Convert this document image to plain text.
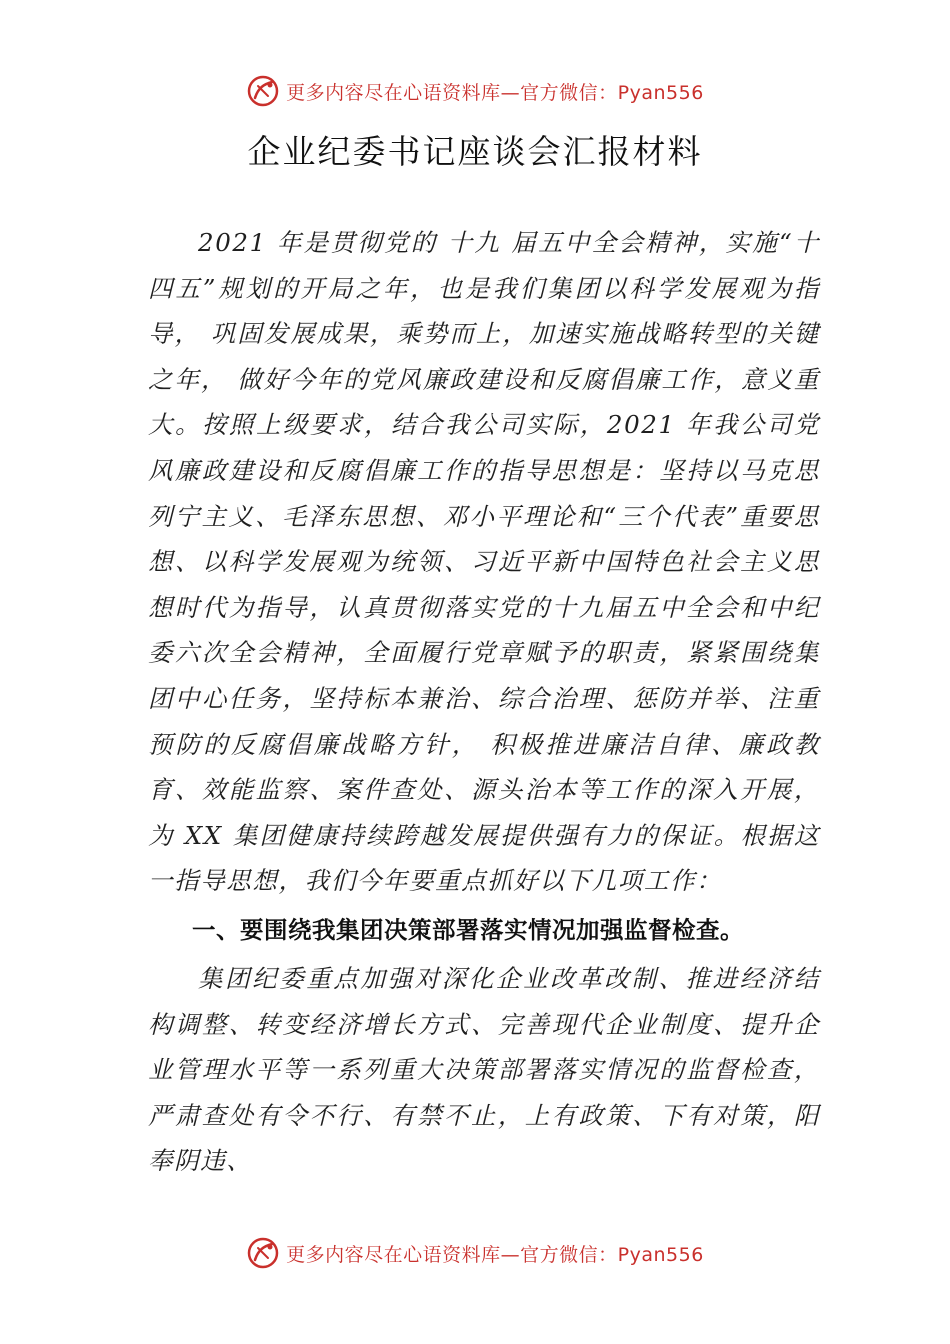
更多内容尽在心语资料库—官方微信：Pyan556
企业纪委书记座谈会汇报材料

2021 年是贯彻党的 十九 届五中全会精神，实施“十四五”规划的开局之年，也是我们集团以科学发展观为指导， 巩固发展成果，乘势而上，加速实施战略转型的关键之年， 做好今年的党风廉政建设和反腐倡廉工作，意义重大。按照上级要求，结合我公司实际，2021 年我公司党风廉政建设和反腐倡廉工作的指导思想是：坚持以马克思列宁主义、毛泽东思想、邓小平理论和“三个代表”重要思想、以科学发展观为统领、习近平新中国特色社会主义思想时代为指导，认真贯彻落实党的十九届五中全会和中纪委六次全会精神，全面履行党章赋予的职责，紧紧围绕集团中心任务，坚持标本兼治、综合治理、惩防并举、注重预防的反腐倡廉战略方针， 积极推进廉洁自律、廉政教育、效能监察、案件查处、源头治本等工作的深入开展，为 XX 集团健康持续跨越发展提供强有力的保证。根据这一指导思想，我们今年要重点抓好以下几项工作：

一、要围绕我集团决策部署落实情况加强监督检查。

集团纪委重点加强对深化企业改革改制、推进经济结构调整、转变经济增长方式、完善现代企业制度、提升企业管理水平等一系列重大决策部署落实情况的监督检查，严肃查处有令不行、有禁不止，上有政策、下有对策，阳奉阴违、

更多内容尽在心语资料库—官方微信：Pyan556
